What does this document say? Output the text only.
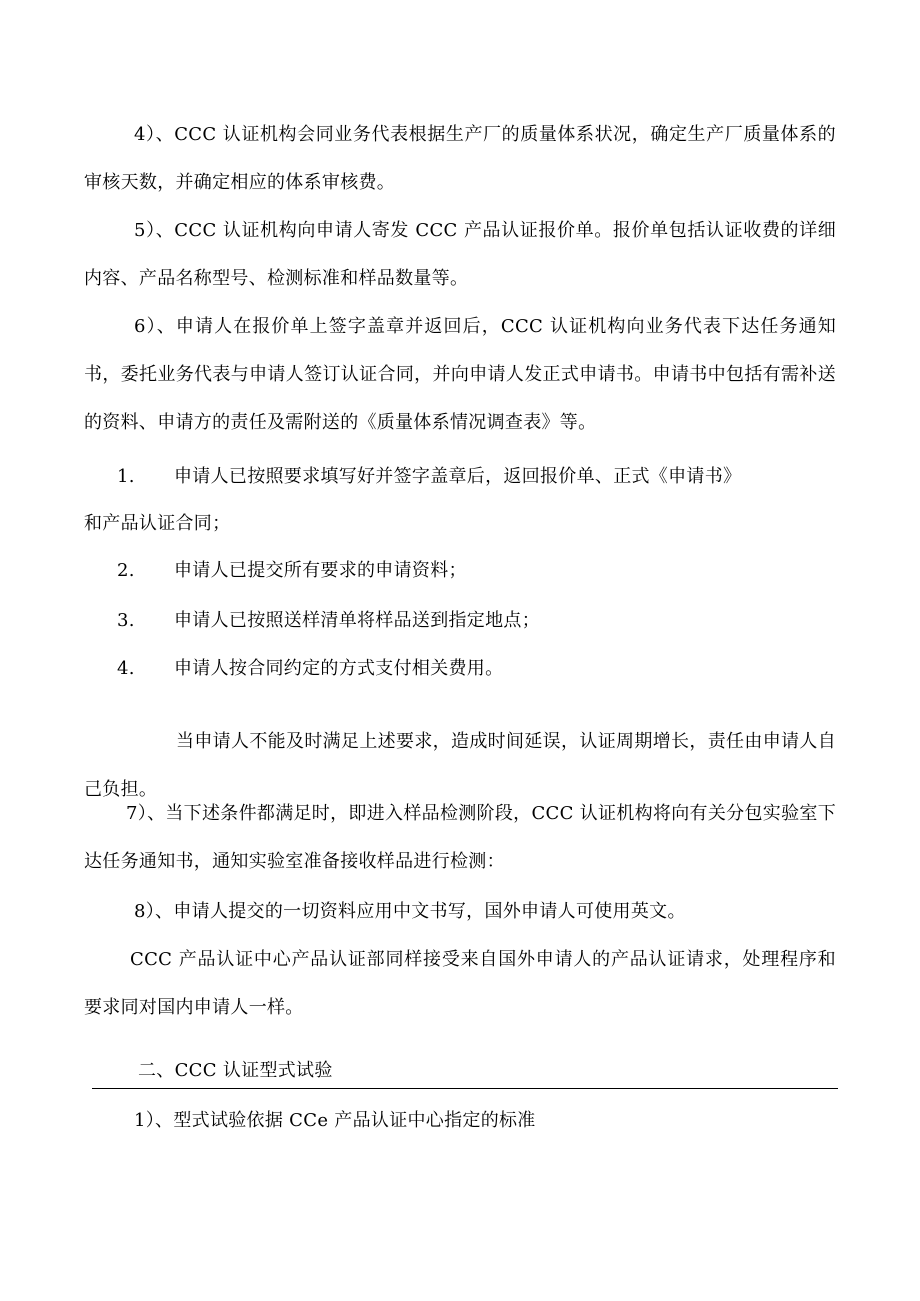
4）、CCC 认证机构会同业务代表根据生产厂的质量体系状况，确定生产厂质量体系的审核天数，并确定相应的体系审核费。

5）、CCC 认证机构向申请人寄发 CCC 产品认证报价单。报价单包括认证收费的详细内容、产品名称型号、检测标准和样品数量等。

6）、申请人在报价单上签字盖章并返回后，CCC 认证机构向业务代表下达任务通知书，委托业务代表与申请人签订认证合同，并向申请人发正式申请书。申请书中包括有需补送的资料、申请方的责任及需附送的《质量体系情况调查表》等。

1. 申请人已按照要求填写好并签字盖章后，返回报价单、正式《申请书》

和产品认证合同；

2. 申请人已提交所有要求的申请资料；
3. 申请人已按照送样清单将样品送到指定地点；
4. 申请人按合同约定的方式支付相关费用。

当申请人不能及时满足上述要求，造成时间延误，认证周期增长，责任由申请人自己负担。

7）、当下述条件都满足时，即进入样品检测阶段，CCC 认证机构将向有关分包实验室下达任务通知书，通知实验室准备接收样品进行检测：

8）、申请人提交的一切资料应用中文书写，国外申请人可使用英文。

CCC 产品认证中心产品认证部同样接受来自国外申请人的产品认证请求，处理程序和要求同对国内申请人一样。

二、CCC 认证型式试验

1）、型式试验依据 CCe 产品认证中心指定的标准
